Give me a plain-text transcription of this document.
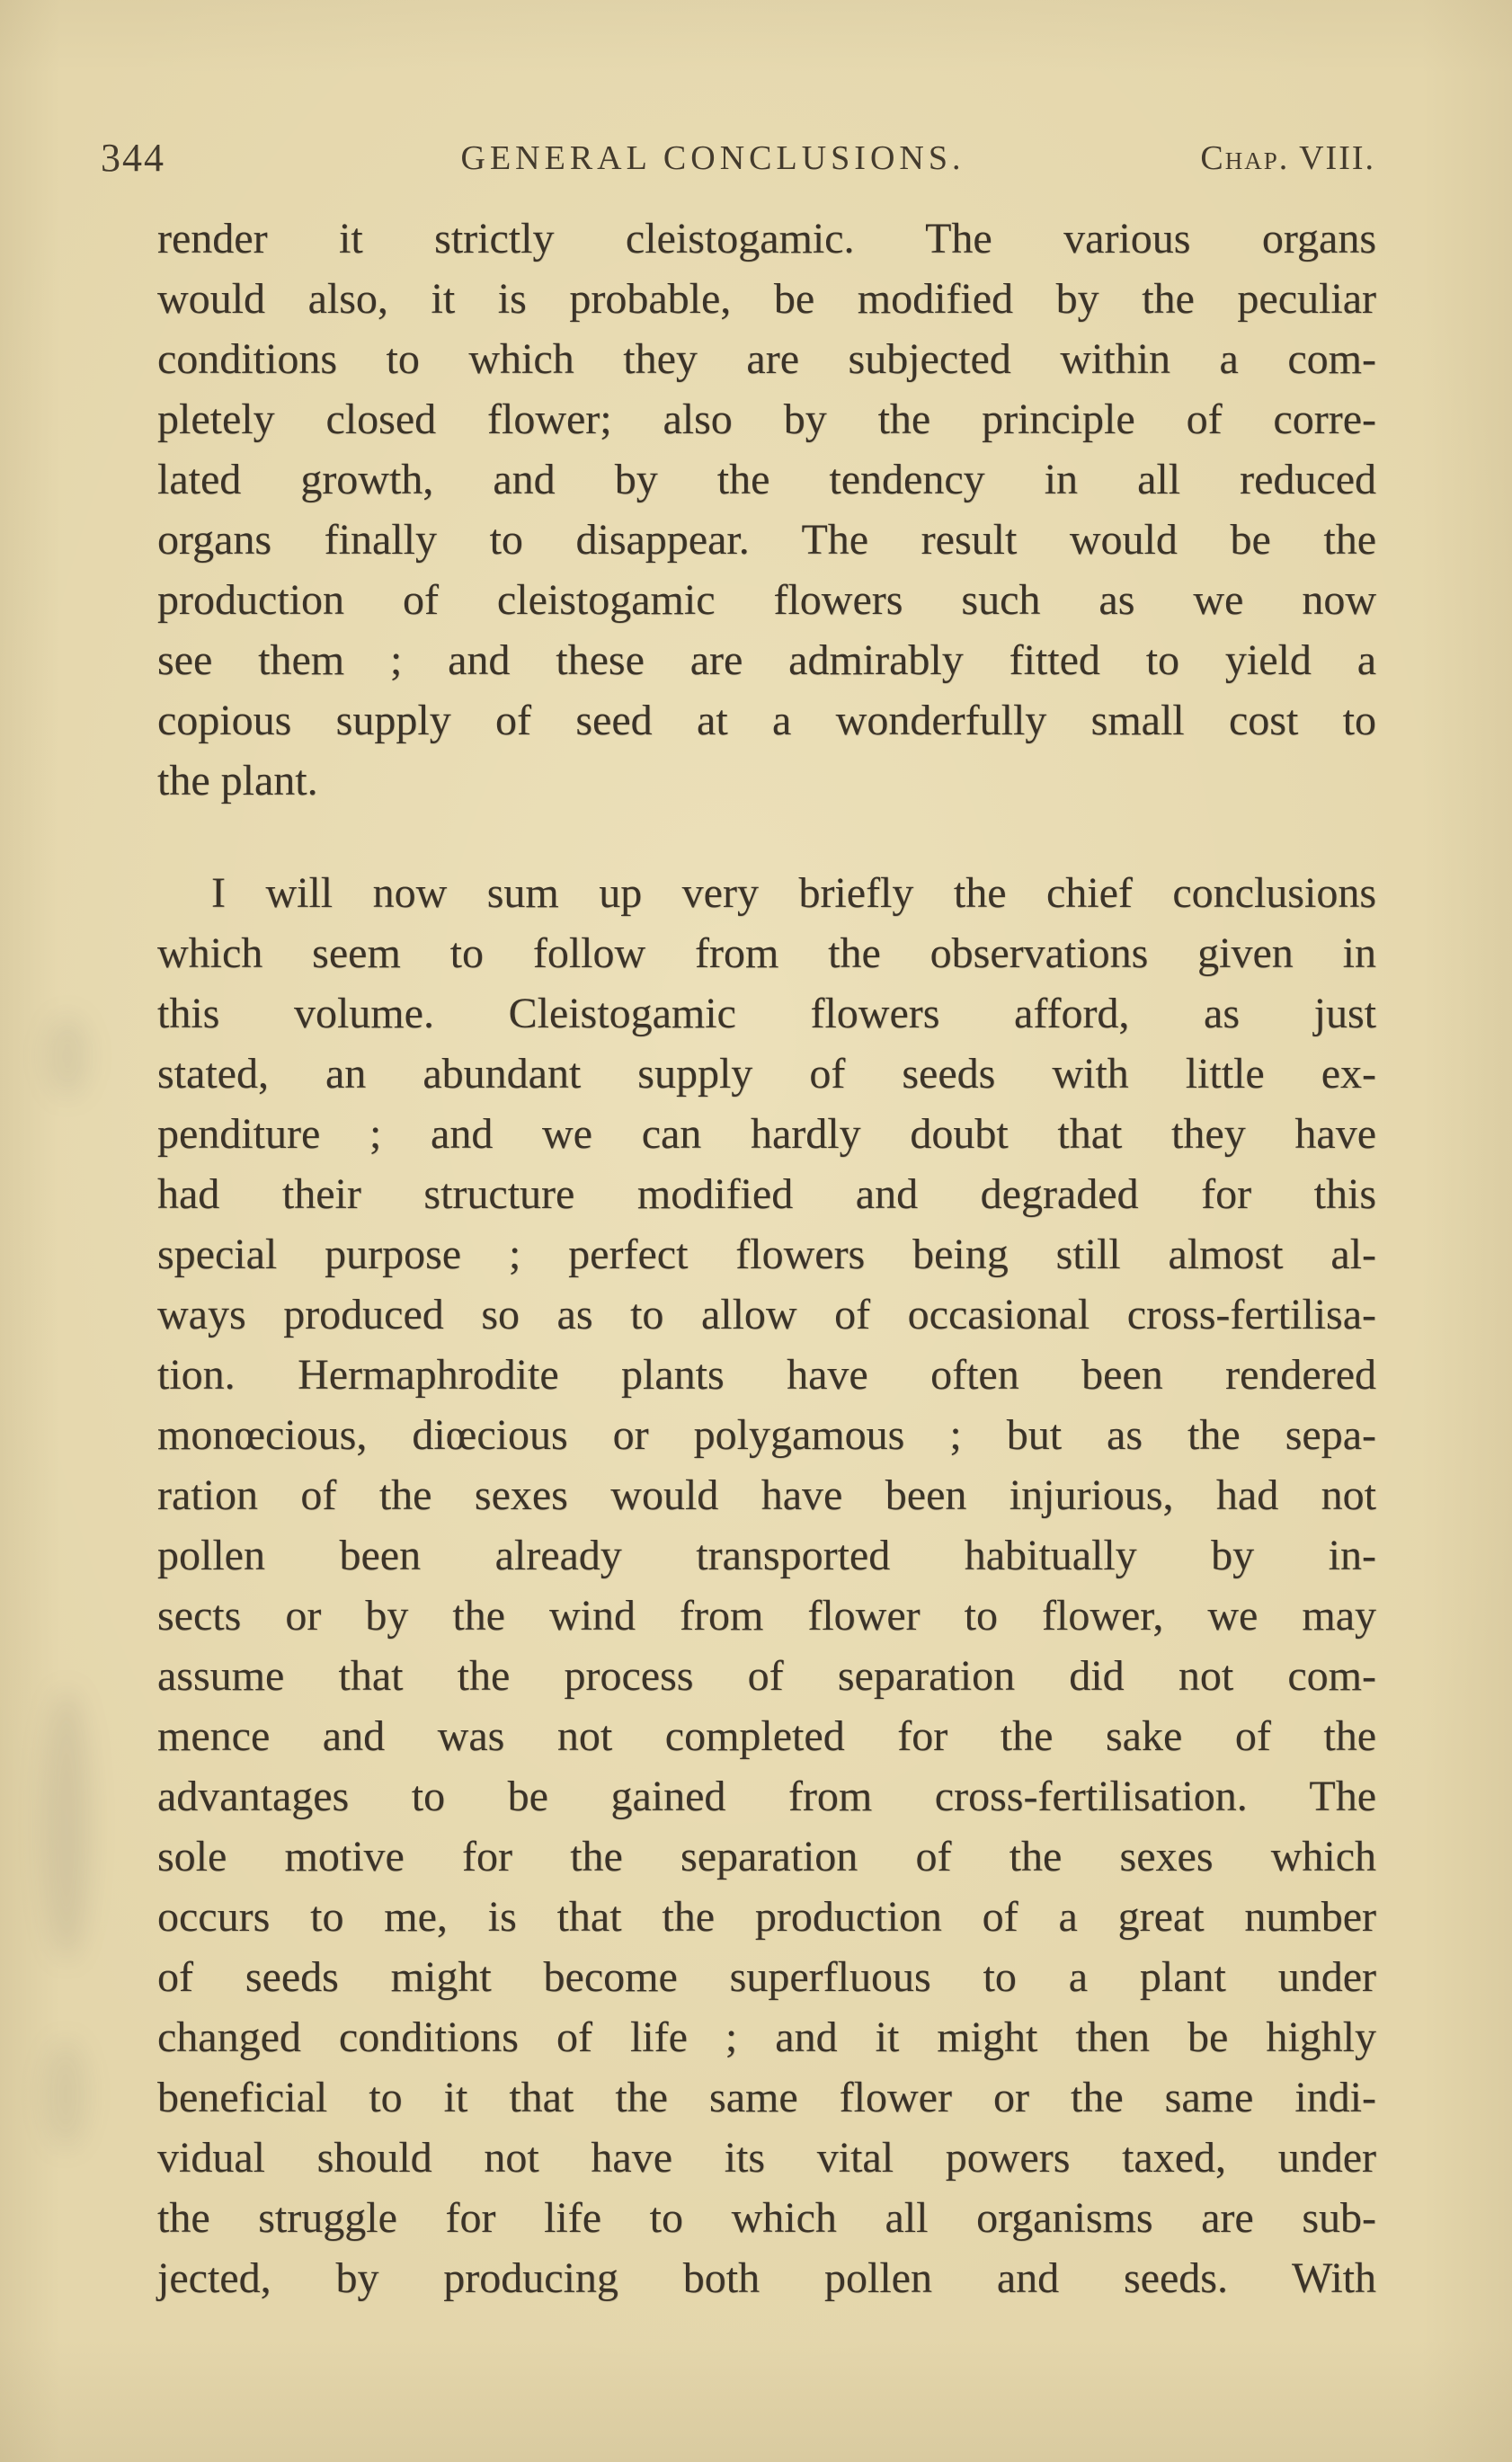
344	GENERAL CONCLUSIONS.	Chap. VIII.
render it strictly cleistogamic. The various organs
would also, it is probable, be modified by the peculiar
conditions to which they are subjected within a com-
pletely closed flower; also by the principle of corre-
lated growth, and by the tendency in all reduced
organs finally to disappear. The result would be the
production of cleistogamic flowers such as we now
see them ; and these are admirably fitted to yield a
copious supply of seed at a wonderfully small cost to
the plant.
I will now sum up very briefly the chief conclusions
which seem to follow from the observations given in
this volume. Cleistogamic flowers afford, as just
stated, an abundant supply of seeds with little ex-
penditure ; and we can hardly doubt that they have
had their structure modified and degraded for this
special purpose ; perfect flowers being still almost al-
ways produced so as to allow of occasional cross-fertilisa-
tion. Hermaphrodite plants have often been rendered
monœcious, diœcious or polygamous ; but as the sepa-
ration of the sexes would have been injurious, had not
pollen been already transported habitually by in-
sects or by the wind from flower to flower, we may
assume that the process of separation did not com-
mence and was not completed for the sake of the
advantages to be gained from cross-fertilisation. The
sole motive for the separation of the sexes which
occurs to me, is that the production of a great number
of seeds might become superfluous to a plant under
changed conditions of life ; and it might then be highly
beneficial to it that the same flower or the same indi-
vidual should not have its vital powers taxed, under
the struggle for life to which all organisms are sub-
jected, by producing both pollen and seeds. With
